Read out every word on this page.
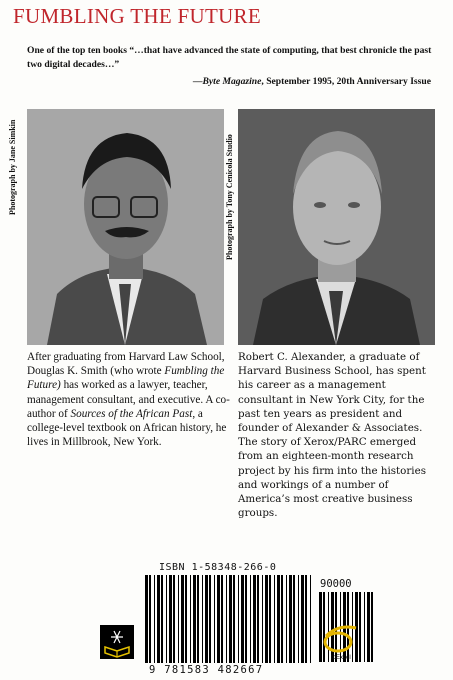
FUMBLING THE FUTURE
One of the top ten books “…that have advanced the state of computing, that best chronicle the past two digital decades…”
—Byte Magazine, September 1995, 20th Anniversary Issue
Photograph by Jane Simkin	Photograph by Tony Cenicola Studio
After graduating from Harvard Law School, Douglas K. Smith (who wrote Fumbling the Future) has worked as a lawyer, teacher, management consultant, and executive. A co-author of Sources of the African Past, a college-level textbook on African history, he lives in Millbrook, New York.
Robert C. Alexander, a graduate of Harvard Business School, has spent his career as a management consultant in New York City, for the past ten years as president and founder of Alexander & Associates. The story of Xerox/PARC emerged from an eighteen-month research project by his firm into the histories and workings of a number of America’s most creative business groups.
ISBN 1-58348-266-0
90000
9 781583 482667
toExcel
